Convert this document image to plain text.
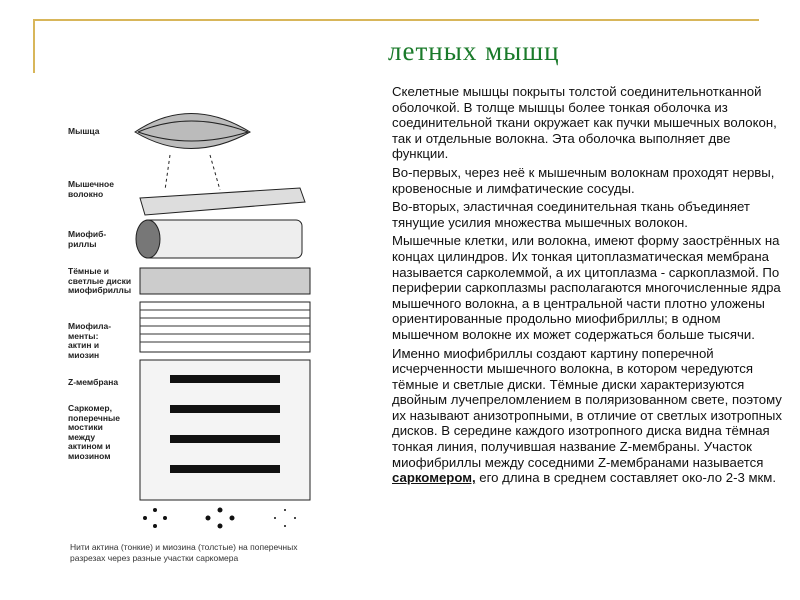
Мышца
Мышечное волокно
Миофиб-риллы
Тёмные и светлые диски миофибриллы
Миофила-менты: актин и миозин
Z-мембрана
Саркомер, поперечные мостики между актином и миозином
Нити актина (тонкие) и миозина (толстые) на поперечных разрезах через разные участки саркомера
летных мышц

Скелетные мышцы покрыты толстой соединительнотканной оболочкой. В толще мышцы более тонкая оболочка из соединительной ткани окружает как пучки мышечных волокон, так и отдельные волокна. Эта оболочка выполняет две функции.

Во-первых, через неё к мышечным волокнам проходят нервы, кровеносные и лимфатические сосуды.

Во-вторых, эластичная соединительная ткань объединяет тянущие усилия множества мышечных волокон.

Мышечные клетки, или волокна, имеют форму заострённых на концах цилиндров. Их тонкая цитоплазматическая мембрана называется сарколеммой, а их цитоплазма - саркоплазмой. По периферии саркоплазмы располагаются многочисленные ядра мышечного волокна, а в центральной части плотно уложены ориентированные продольно миофибриллы; в одном мышечном волокне их может содержаться больше тысячи.

Именно миофибриллы создают картину поперечной исчерченности мышечного волокна, в котором чередуются тёмные и светлые диски. Тёмные диски характеризуются двойным лучепреломлением в поляризованном свете, поэтому их называют анизотропными, в отличие от светлых изотропных дисков. В середине каждого изотропного диска видна тёмная тонкая линия, получившая название Z-мембраны. Участок миофибриллы между соседними Z-мембранами называется саркомером, его длина в среднем составляет око-ло 2-3 мкм.
